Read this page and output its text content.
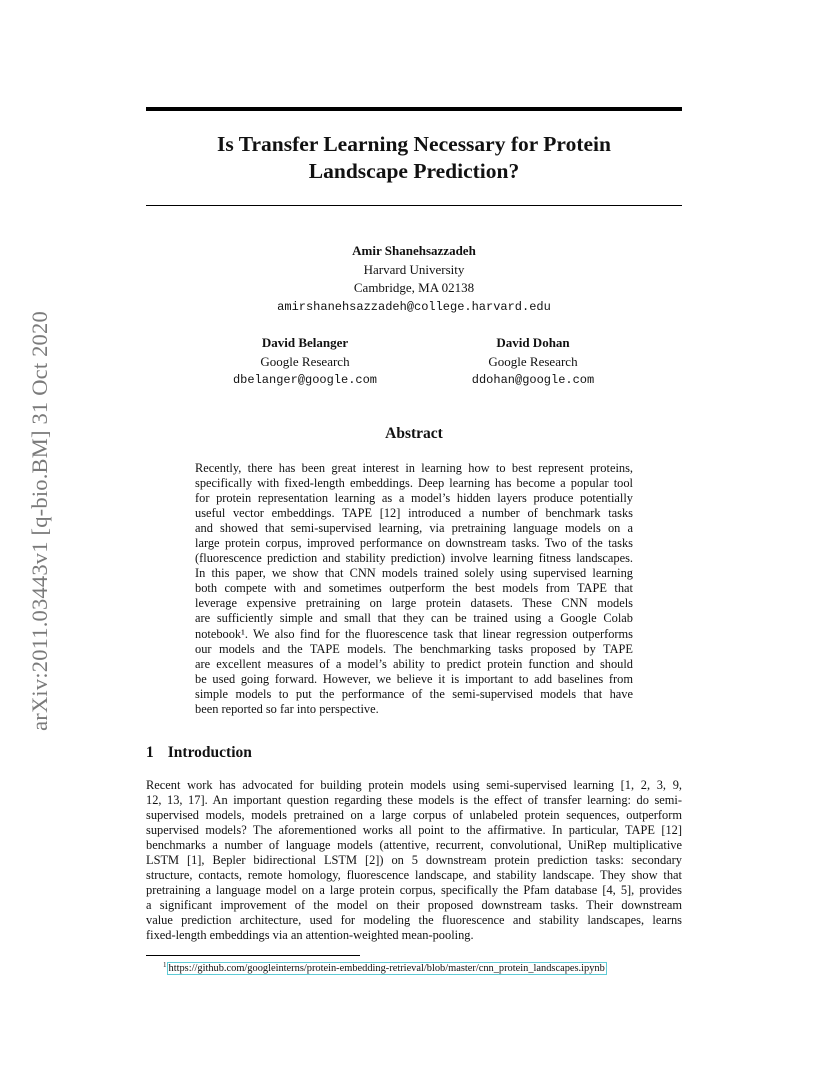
arXiv:2011.03443v1 [q-bio.BM] 31 Oct 2020
Is Transfer Learning Necessary for Protein
Landscape Prediction?
Amir Shanehsazzadeh
Harvard University
Cambridge, MA 02138
amirshanehsazzadeh@college.harvard.edu
David Belanger
Google Research
dbelanger@google.com
David Dohan
Google Research
ddohan@google.com
Abstract
Recently, there has been great interest in learning how to best represent proteins,
specifically with fixed-length embeddings. Deep learning has become a popular tool
for protein representation learning as a model’s hidden layers produce potentially
useful vector embeddings. TAPE [12] introduced a number of benchmark tasks
and showed that semi-supervised learning, via pretraining language models on a
large protein corpus, improved performance on downstream tasks. Two of the tasks
(fluorescence prediction and stability prediction) involve learning fitness landscapes.
In this paper, we show that CNN models trained solely using supervised learning
both compete with and sometimes outperform the best models from TAPE that
leverage expensive pretraining on large protein datasets. These CNN models
are sufficiently simple and small that they can be trained using a Google Colab
notebook¹. We also find for the fluorescence task that linear regression outperforms
our models and the TAPE models. The benchmarking tasks proposed by TAPE
are excellent measures of a model’s ability to predict protein function and should
be used going forward. However, we believe it is important to add baselines from
simple models to put the performance of the semi-supervised models that have
been reported so far into perspective.
1 Introduction
Recent work has advocated for building protein models using semi-supervised learning [1, 2, 3, 9,
12, 13, 17]. An important question regarding these models is the effect of transfer learning: do semi-
supervised models, models pretrained on a large corpus of unlabeled protein sequences, outperform
supervised models? The aforementioned works all point to the affirmative. In particular, TAPE [12]
benchmarks a number of language models (attentive, recurrent, convolutional, UniRep multiplicative
LSTM [1], Bepler bidirectional LSTM [2]) on 5 downstream protein prediction tasks: secondary
structure, contacts, remote homology, fluorescence landscape, and stability landscape. They show that
pretraining a language model on a large protein corpus, specifically the Pfam database [4, 5], provides
a significant improvement of the model on their proposed downstream tasks. Their downstream
value prediction architecture, used for modeling the fluorescence and stability landscapes, learns
fixed-length embeddings via an attention-weighted mean-pooling.
$^1$ https://github.com/googleinterns/protein-embedding-retrieval/blob/master/cnn_protein_landscapes.ipynb
